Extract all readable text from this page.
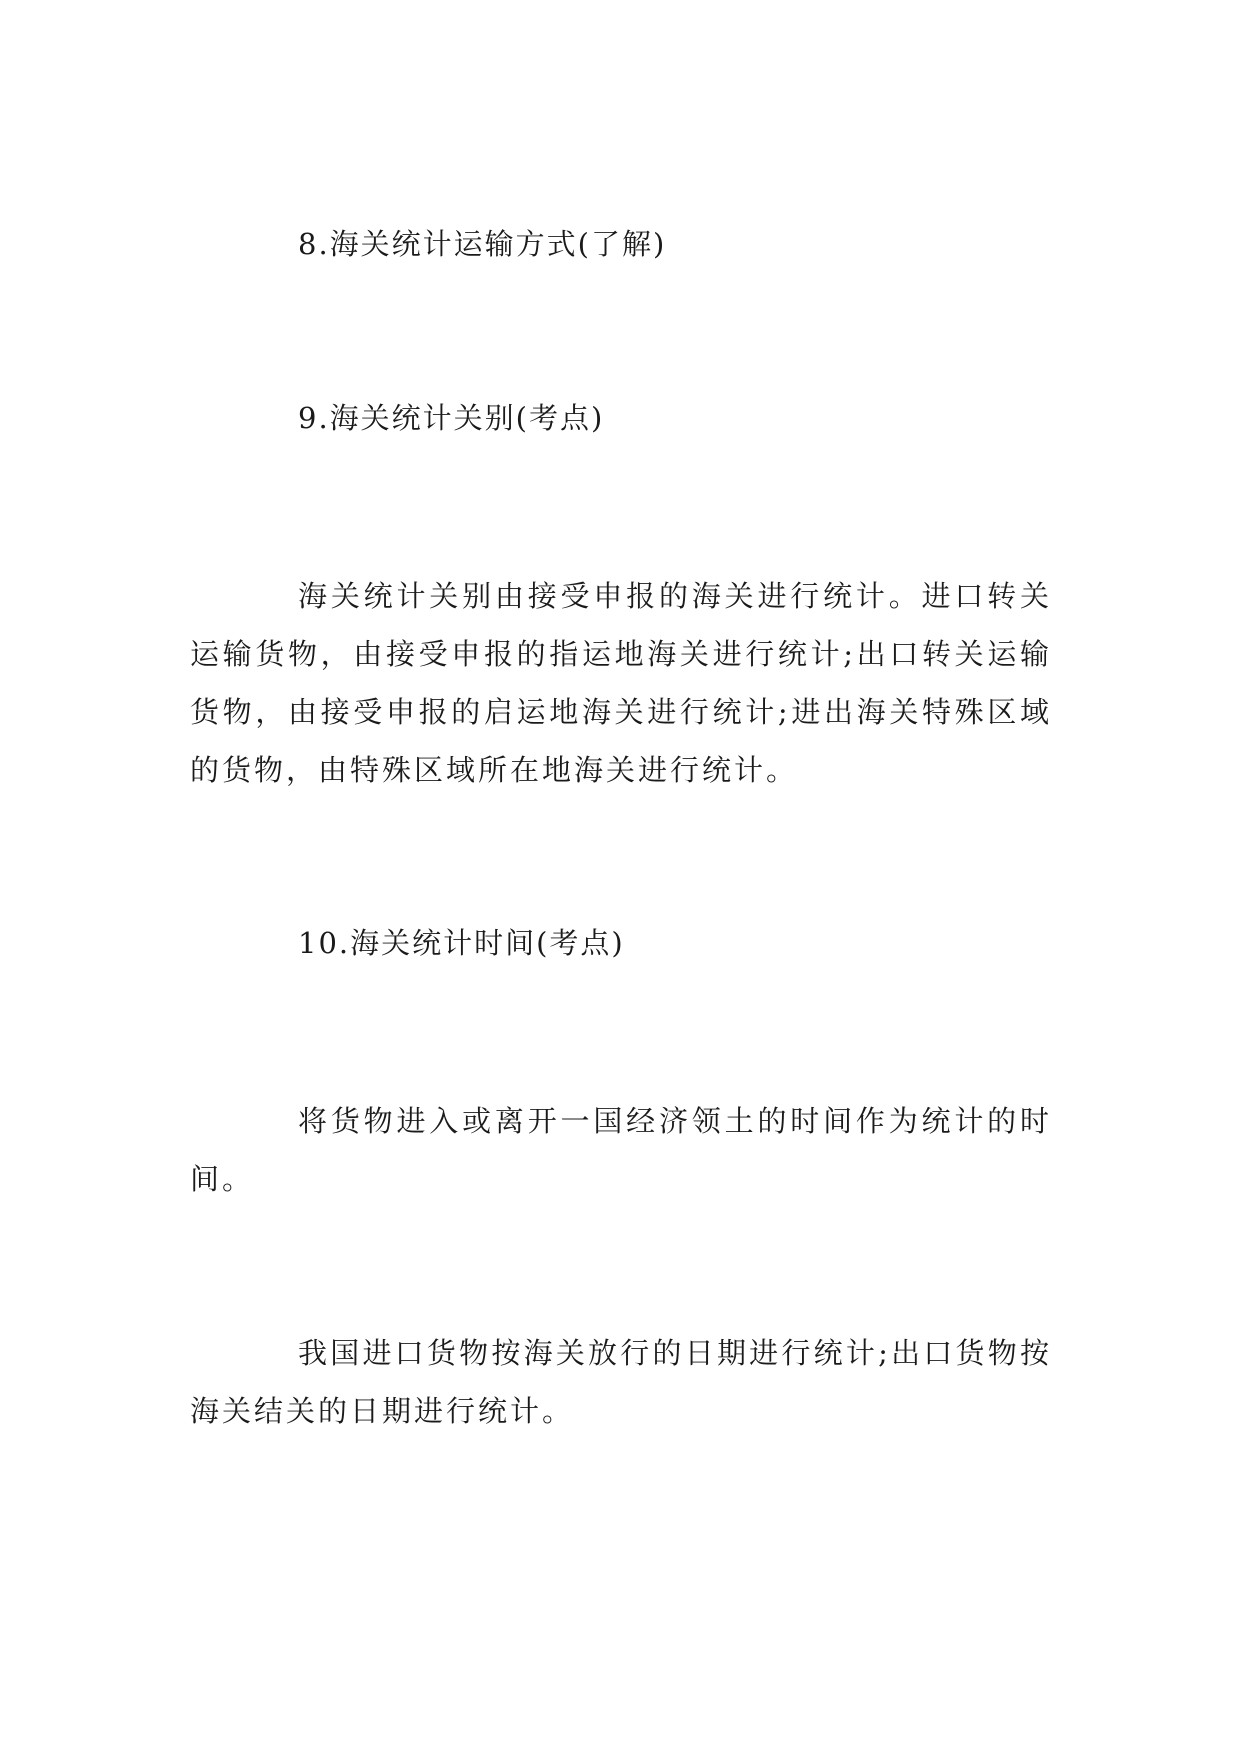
8.海关统计运输方式(了解)
9.海关统计关别(考点)

海关统计关别由接受申报的海关进行统计。进口转关运输货物，由接受申报的指运地海关进行统计;出口转关运输货物，由接受申报的启运地海关进行统计;进出海关特殊区域的货物，由特殊区域所在地海关进行统计。

10.海关统计时间(考点)

将货物进入或离开一国经济领土的时间作为统计的时间。

我国进口货物按海关放行的日期进行统计;出口货物按海关结关的日期进行统计。
